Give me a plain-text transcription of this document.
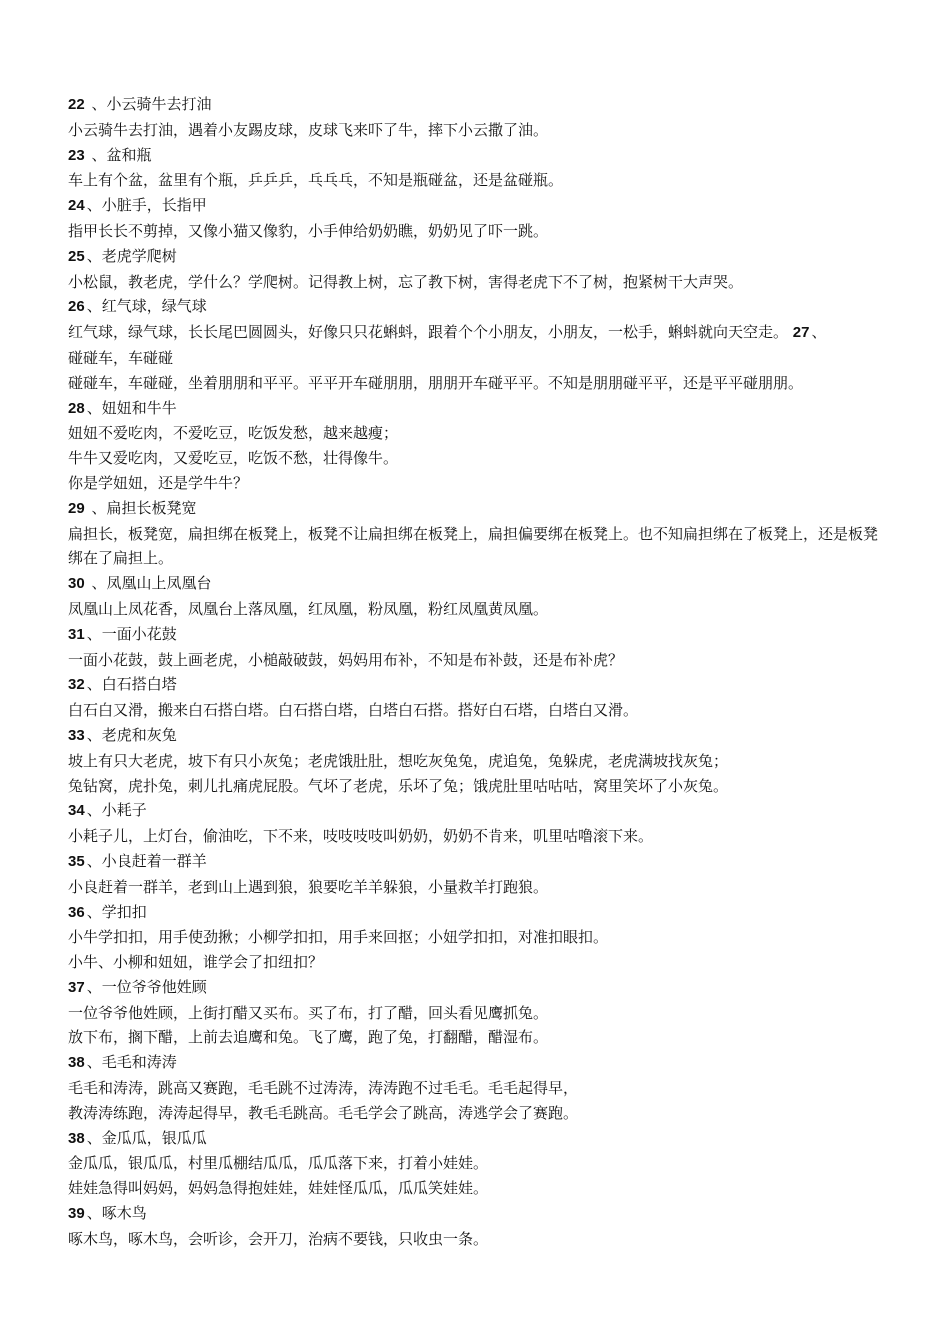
22 、小云骑牛去打油

小云骑牛去打油，遇着小友踢皮球，皮球飞来吓了牛，摔下小云撒了油。

23 、盆和瓶

车上有个盆，盆里有个瓶，乒乒乒，乓乓乓，不知是瓶碰盆，还是盆碰瓶。

24 、小脏手，长指甲

指甲长长不剪掉，又像小猫又像豹，小手伸给奶奶瞧，奶奶见了吓一跳。

25 、老虎学爬树

小松鼠，教老虎，学什么？学爬树。记得教上树，忘了教下树，害得老虎下不了树，抱紧树干大声哭。

26 、红气球，绿气球

红气球，绿气球，长长尾巴圆圆头，好像只只花蝌蚪，跟着个个小朋友，小朋友，一松手，蝌蚪就向天空走。 27 、

碰碰车，车碰碰

碰碰车，车碰碰，坐着朋朋和平平。平平开车碰朋朋，朋朋开车碰平平。不知是朋朋碰平平，还是平平碰朋朋。

28 、妞妞和牛牛

妞妞不爱吃肉，不爱吃豆，吃饭发愁，越来越瘦；

牛牛又爱吃肉，又爱吃豆，吃饭不愁，壮得像牛。

你是学妞妞，还是学牛牛？

29 、扁担长板凳宽

扁担长，板凳宽，扁担绑在板凳上，板凳不让扁担绑在板凳上，扁担偏要绑在板凳上。也不知扁担绑在了板凳上，还是板凳绑在了扁担上。

30 、凤凰山上凤凰台

凤凰山上凤花香，凤凰台上落凤凰，红凤凰，粉凤凰，粉红凤凰黄凤凰。

31 、一面小花鼓

一面小花鼓，鼓上画老虎，小槌敲破鼓，妈妈用布补，不知是布补鼓，还是布补虎？

32 、白石搭白塔

白石白又滑，搬来白石搭白塔。白石搭白塔，白塔白石搭。搭好白石塔，白塔白又滑。

33 、老虎和灰兔

坡上有只大老虎，坡下有只小灰兔；老虎饿肚肚，想吃灰兔兔，虎追兔，兔躲虎，老虎满坡找灰兔；

兔钻窝，虎扑兔，刺儿扎痛虎屁股。气坏了老虎，乐坏了兔；饿虎肚里咕咕咕，窝里笑坏了小灰兔。

34 、小耗子

小耗子儿，上灯台，偷油吃，下不来，吱吱吱吱叫奶奶，奶奶不肯来，叽里咕噜滚下来。

35 、小良赶着一群羊

小良赶着一群羊，老到山上遇到狼，狼要吃羊羊躲狼，小量救羊打跑狼。

36 、学扣扣

小牛学扣扣，用手使劲揪；小柳学扣扣，用手来回抠；小妞学扣扣，对准扣眼扣。

小牛、小柳和妞妞，谁学会了扣纽扣？

37 、一位爷爷他姓顾

一位爷爷他姓顾，上街打醋又买布。买了布，打了醋，回头看见鹰抓兔。

放下布，搁下醋，上前去追鹰和兔。飞了鹰，跑了兔，打翻醋，醋湿布。

38 、毛毛和涛涛

毛毛和涛涛，跳高又赛跑，毛毛跳不过涛涛，涛涛跑不过毛毛。毛毛起得早，

教涛涛练跑，涛涛起得早，教毛毛跳高。毛毛学会了跳高，涛逃学会了赛跑。

38 、金瓜瓜，银瓜瓜

金瓜瓜，银瓜瓜，村里瓜棚结瓜瓜，瓜瓜落下来，打着小娃娃。

娃娃急得叫妈妈，妈妈急得抱娃娃，娃娃怪瓜瓜，瓜瓜笑娃娃。

39 、啄木鸟

啄木鸟，啄木鸟，会听诊，会开刀，治病不要钱，只收虫一条。
